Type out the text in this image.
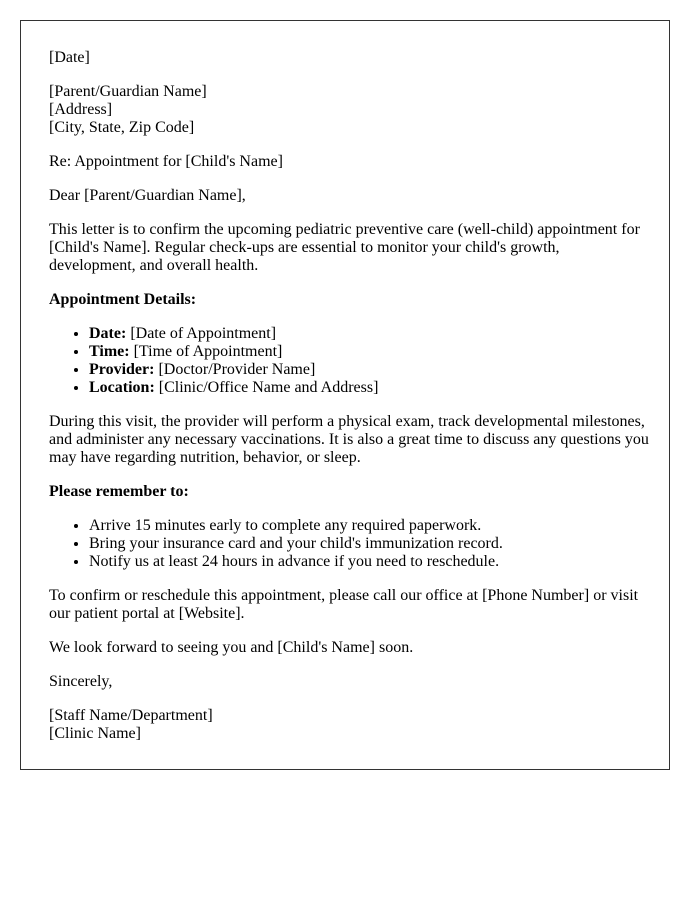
[Date]

[Parent/Guardian Name]
[Address]
[City, State, Zip Code]

Re: Appointment for [Child's Name]

Dear [Parent/Guardian Name],

This letter is to confirm the upcoming pediatric preventive care (well-child) appointment for [Child's Name]. Regular check-ups are essential to monitor your child's growth, development, and overall health.

Appointment Details:

• Date: [Date of Appointment]
• Time: [Time of Appointment]
• Provider: [Doctor/Provider Name]
• Location: [Clinic/Office Name and Address]

During this visit, the provider will perform a physical exam, track developmental milestones, and administer any necessary vaccinations. It is also a great time to discuss any questions you may have regarding nutrition, behavior, or sleep.

Please remember to:

• Arrive 15 minutes early to complete any required paperwork.
• Bring your insurance card and your child's immunization record.
• Notify us at least 24 hours in advance if you need to reschedule.

To confirm or reschedule this appointment, please call our office at [Phone Number] or visit our patient portal at [Website].

We look forward to seeing you and [Child's Name] soon.

Sincerely,

[Staff Name/Department]
[Clinic Name]
